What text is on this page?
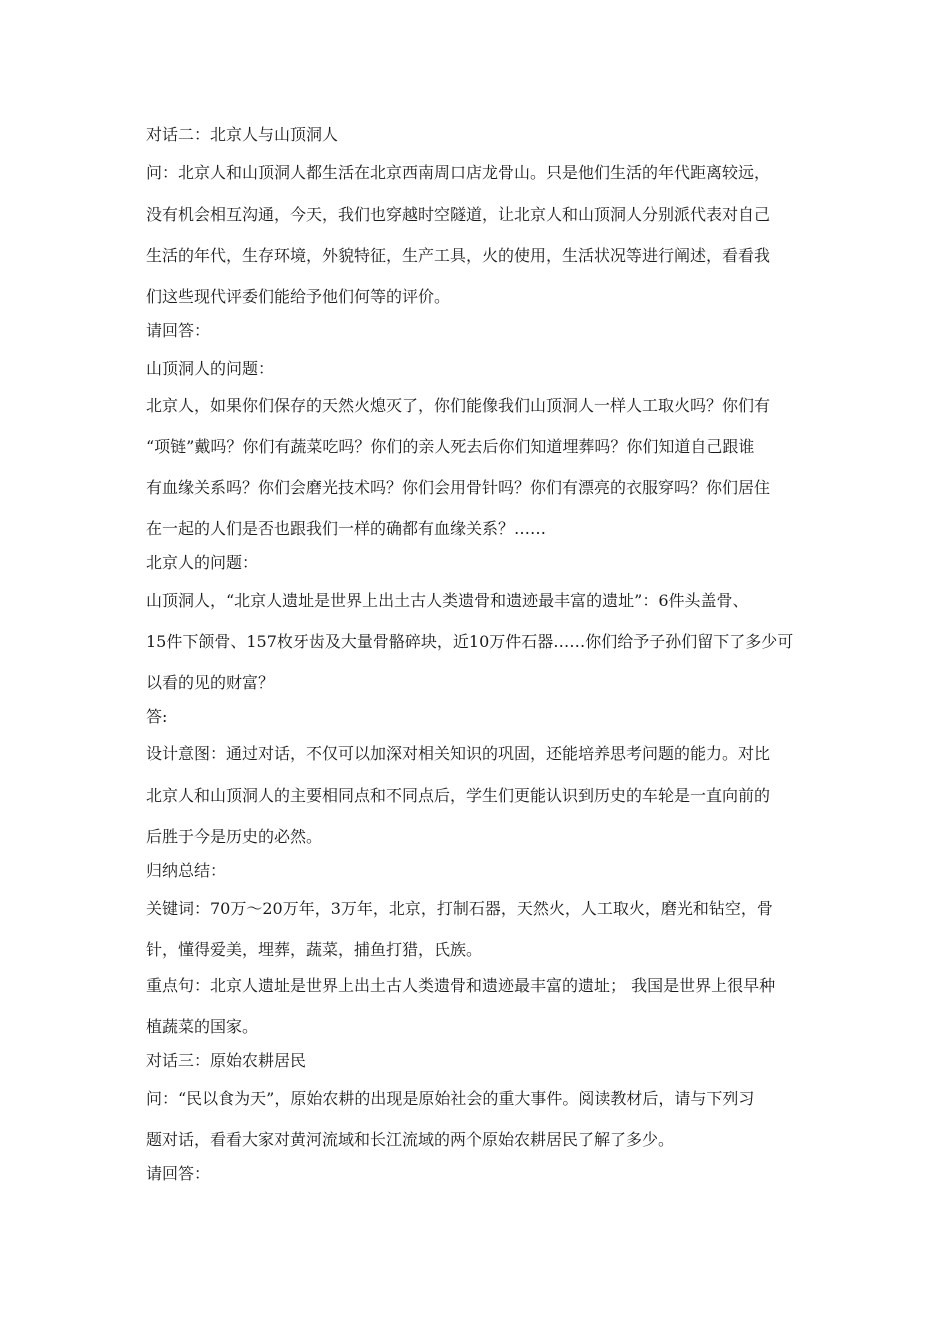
对话二：北京人与山顶洞人
问：北京人和山顶洞人都生活在北京西南周口店龙骨山。只是他们生活的年代距离较远，
没有机会相互沟通，今天，我们也穿越时空隧道，让北京人和山顶洞人分别派代表对自己
生活的年代，生存环境，外貌特征，生产工具，火的使用，生活状况等进行阐述，看看我
们这些现代评委们能给予他们何等的评价。
请回答：
山顶洞人的问题：
北京人，如果你们保存的天然火熄灭了，你们能像我们山顶洞人一样人工取火吗？你们有
“项链”戴吗？你们有蔬菜吃吗？你们的亲人死去后你们知道埋葬吗？你们知道自己跟谁
有血缘关系吗？你们会磨光技术吗？你们会用骨针吗？你们有漂亮的衣服穿吗？你们居住
在一起的人们是否也跟我们一样的确都有血缘关系？……
北京人的问题：
山顶洞人，“北京人遗址是世界上出土古人类遗骨和遗迹最丰富的遗址”：6件头盖骨、
15件下颌骨、157枚牙齿及大量骨骼碎块，近10万件石器……你们给予子孙们留下了多少可
以看的见的财富？
答:
设计意图：通过对话，不仅可以加深对相关知识的巩固，还能培养思考问题的能力。对比
北京人和山顶洞人的主要相同点和不同点后，学生们更能认识到历史的车轮是一直向前的
后胜于今是历史的必然。
归纳总结：
关键词：70万～20万年，3万年，北京，打制石器，天然火，人工取火，磨光和钻空，骨
针，懂得爱美，埋葬，蔬菜，捕鱼打猎，氏族。
重点句：北京人遗址是世界上出土古人类遗骨和遗迹最丰富的遗址； 我国是世界上很早种
植蔬菜的国家。
对话三：原始农耕居民
问：“民以食为天”，原始农耕的出现是原始社会的重大事件。阅读教材后，请与下列习
题对话，看看大家对黄河流域和长江流域的两个原始农耕居民了解了多少。
请回答：
